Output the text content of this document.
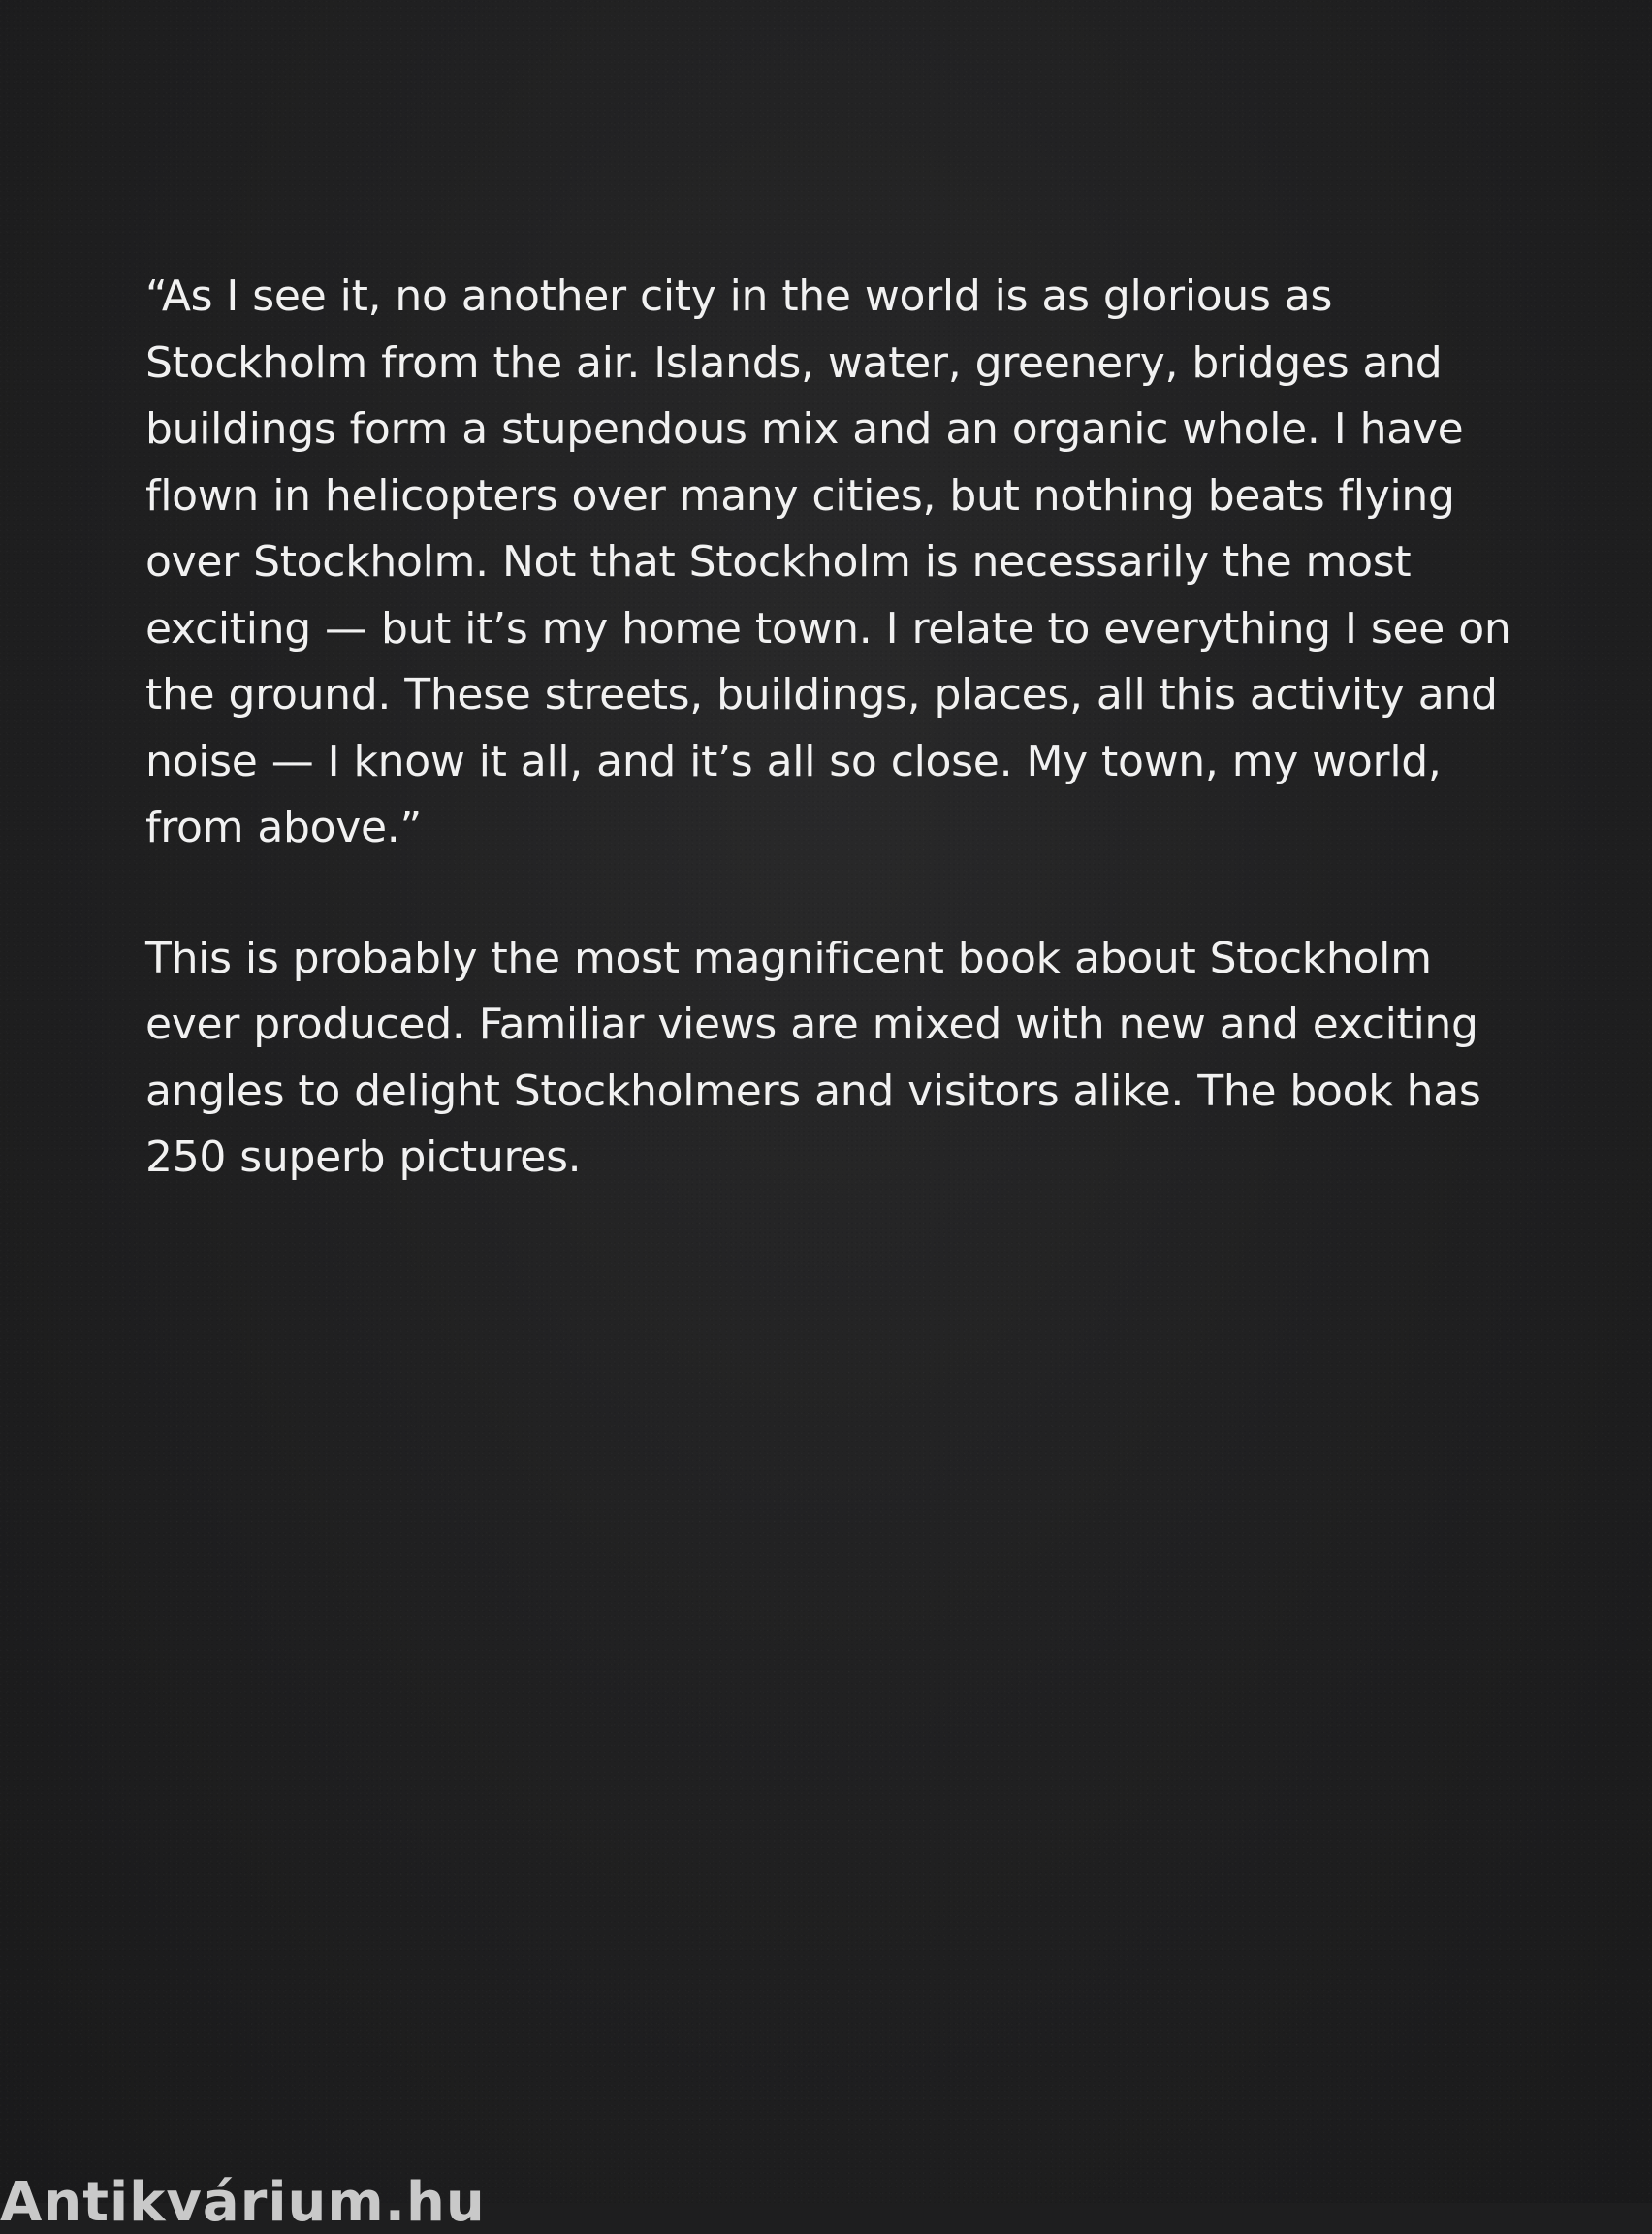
“As I see it, no another city in the world is as glorious as Stockholm from the air. Islands, water, greenery, bridges and buildings form a stupendous mix and an organic whole. I have flown in helicopters over many cities, but nothing beats flying over Stockholm. Not that Stockholm is necessarily the most exciting — but it’s my home town. I relate to everything I see on the ground. These streets, buildings, places, all this activity and noise — I know it all, and it’s all so close. My town, my world, from above.”

This is probably the most magnificent book about Stockholm ever produced. Familiar views are mixed with new and exciting angles to delight Stockholmers and visitors alike. The book has 250 superb pictures.

Antikvárium.hu
